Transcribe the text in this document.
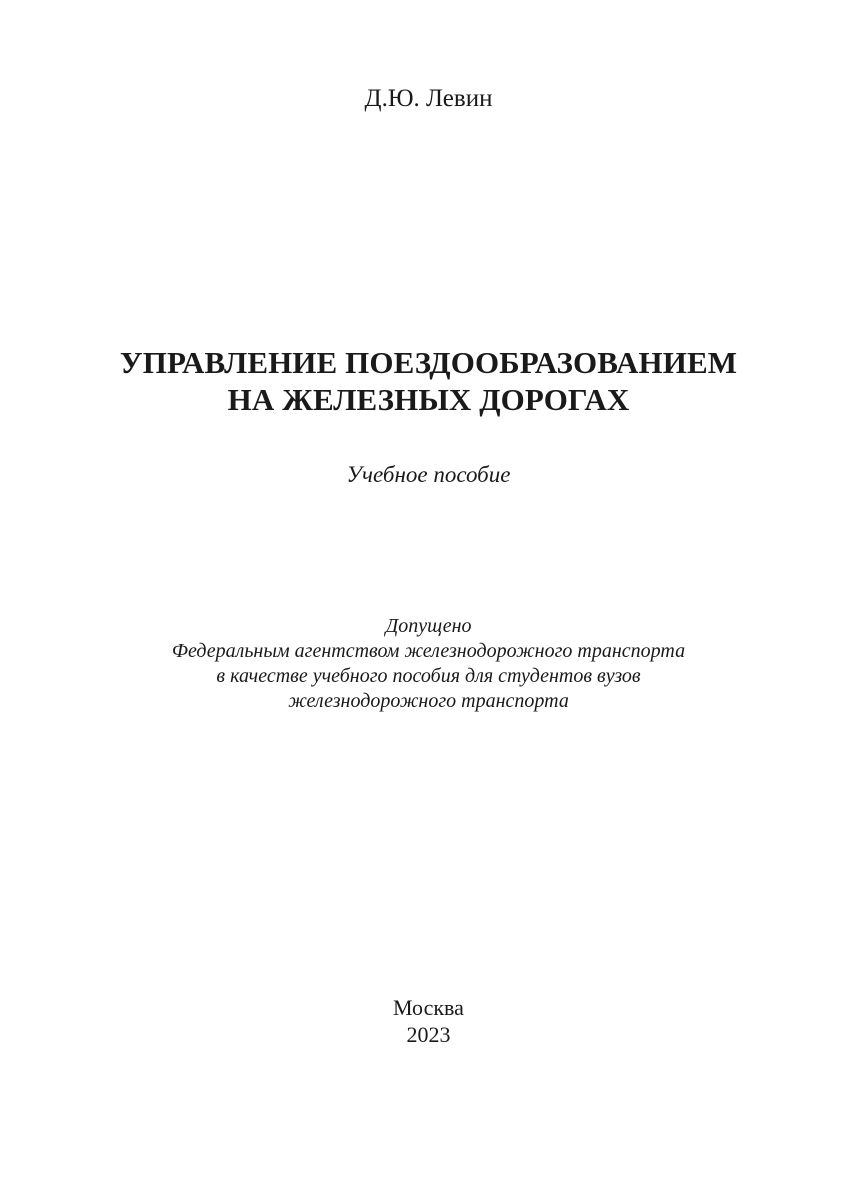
Д.Ю. Левин
УПРАВЛЕНИЕ ПОЕЗДООБРАЗОВАНИЕМ
НА ЖЕЛЕЗНЫХ ДОРОГАХ
Учебное пособие
Допущено
Федеральным агентством железнодорожного транспорта
в качестве учебного пособия для студентов вузов
железнодорожного транспорта
Москва
2023
